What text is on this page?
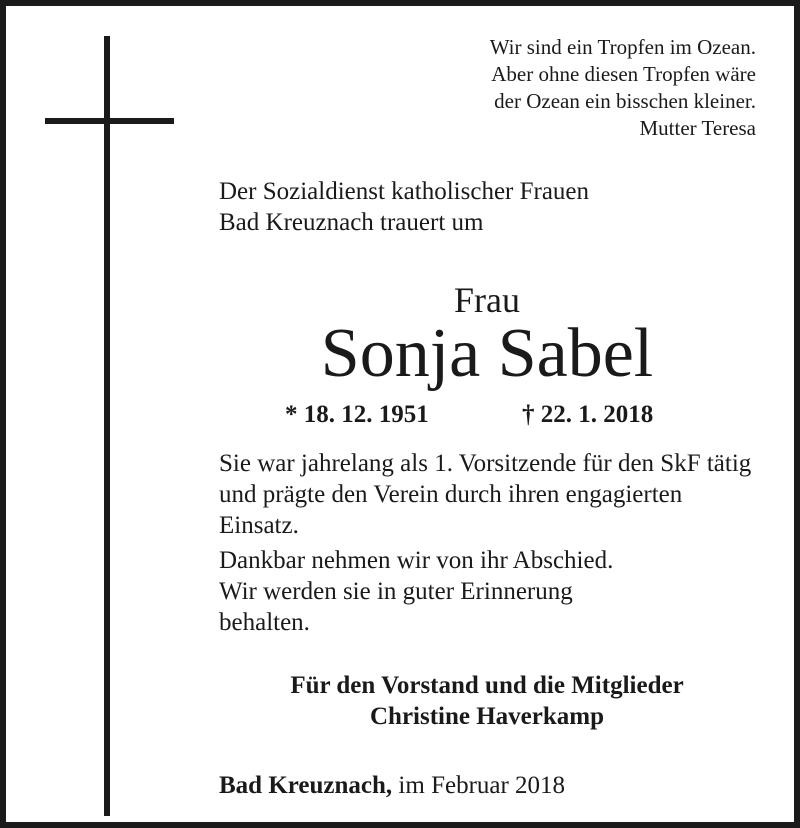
Wir sind ein Tropfen im Ozean.
Aber ohne diesen Tropfen wäre
der Ozean ein bisschen kleiner.
Mutter Teresa
Der Sozialdienst katholischer Frauen
Bad Kreuznach trauert um
Frau
Sonja Sabel
* 18. 12. 1951	† 22. 1. 2018

Sie war jahrelang als 1. Vorsitzende für den SkF tätig und prägte den Verein durch ihren engagierten Einsatz.

Dankbar nehmen wir von ihr Abschied.

Wir werden sie in guter Erinnerung behalten.

Für den Vorstand und die Mitglieder
Christine Haverkamp
Bad Kreuznach, im Februar 2018
